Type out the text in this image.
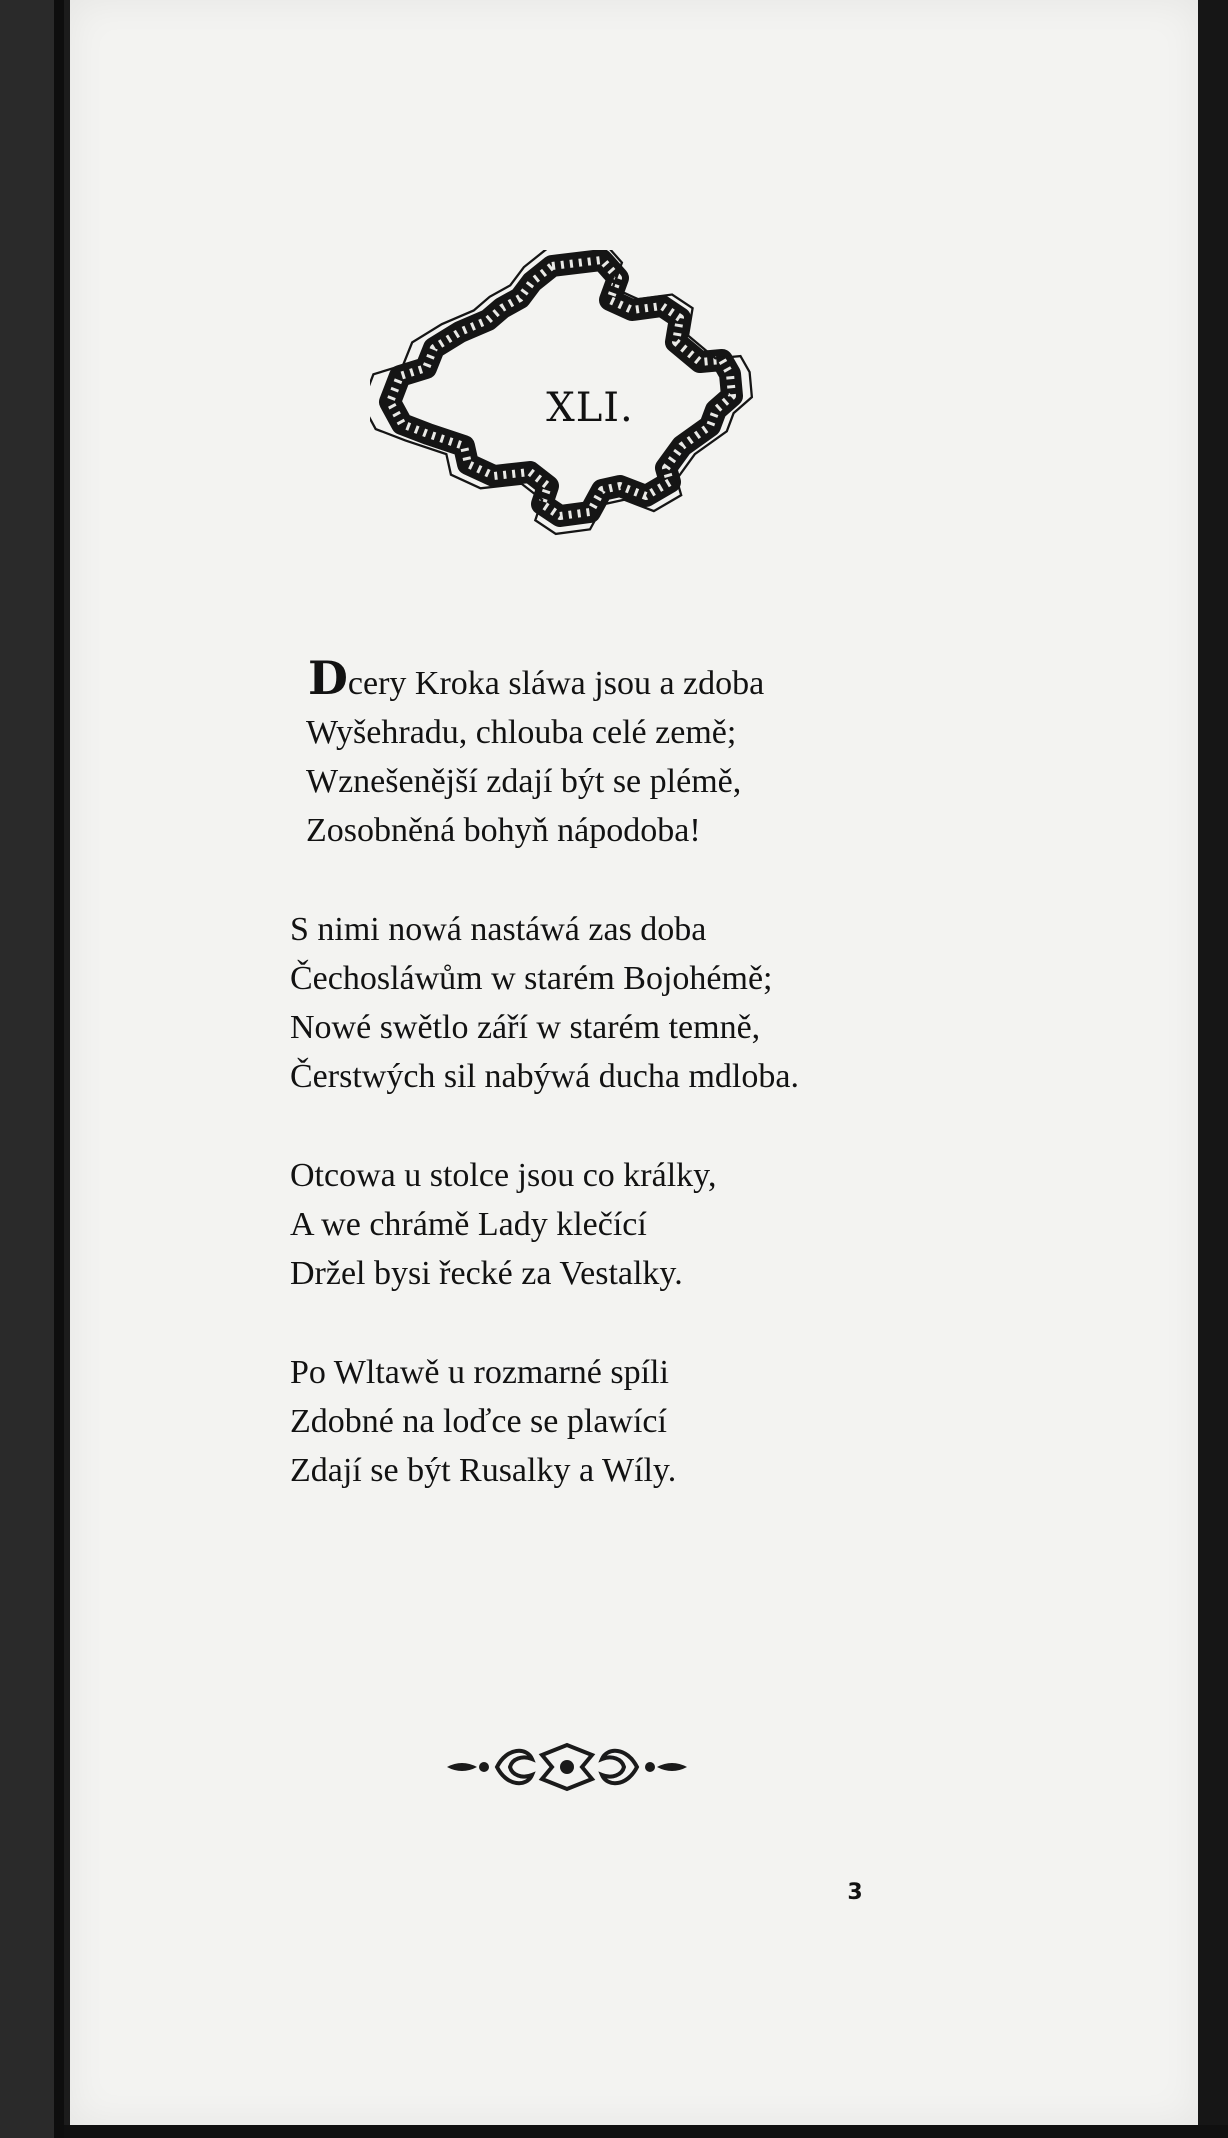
XLI.
Dcery Kroka sláwa jsou a zdoba
Wyšehradu, chlouba celé země;
Wznešenější zdají být se plémě,
Zosobněná bohyň nápodoba!
S nimi nowá nastáwá zas doba
Čechosláwům w starém Bojohémě;
Nowé swětlo září w starém temně,
Čerstwých sil nabýwá ducha mdloba.
Otcowa u stolce jsou co králky,
A we chrámě Lady klečící
Držel bysi řecké za Vestalky.
Po Wltawě u rozmarné spíli
Zdobné na loďce se plawící
Zdají se být Rusalky a Wíly.
3
